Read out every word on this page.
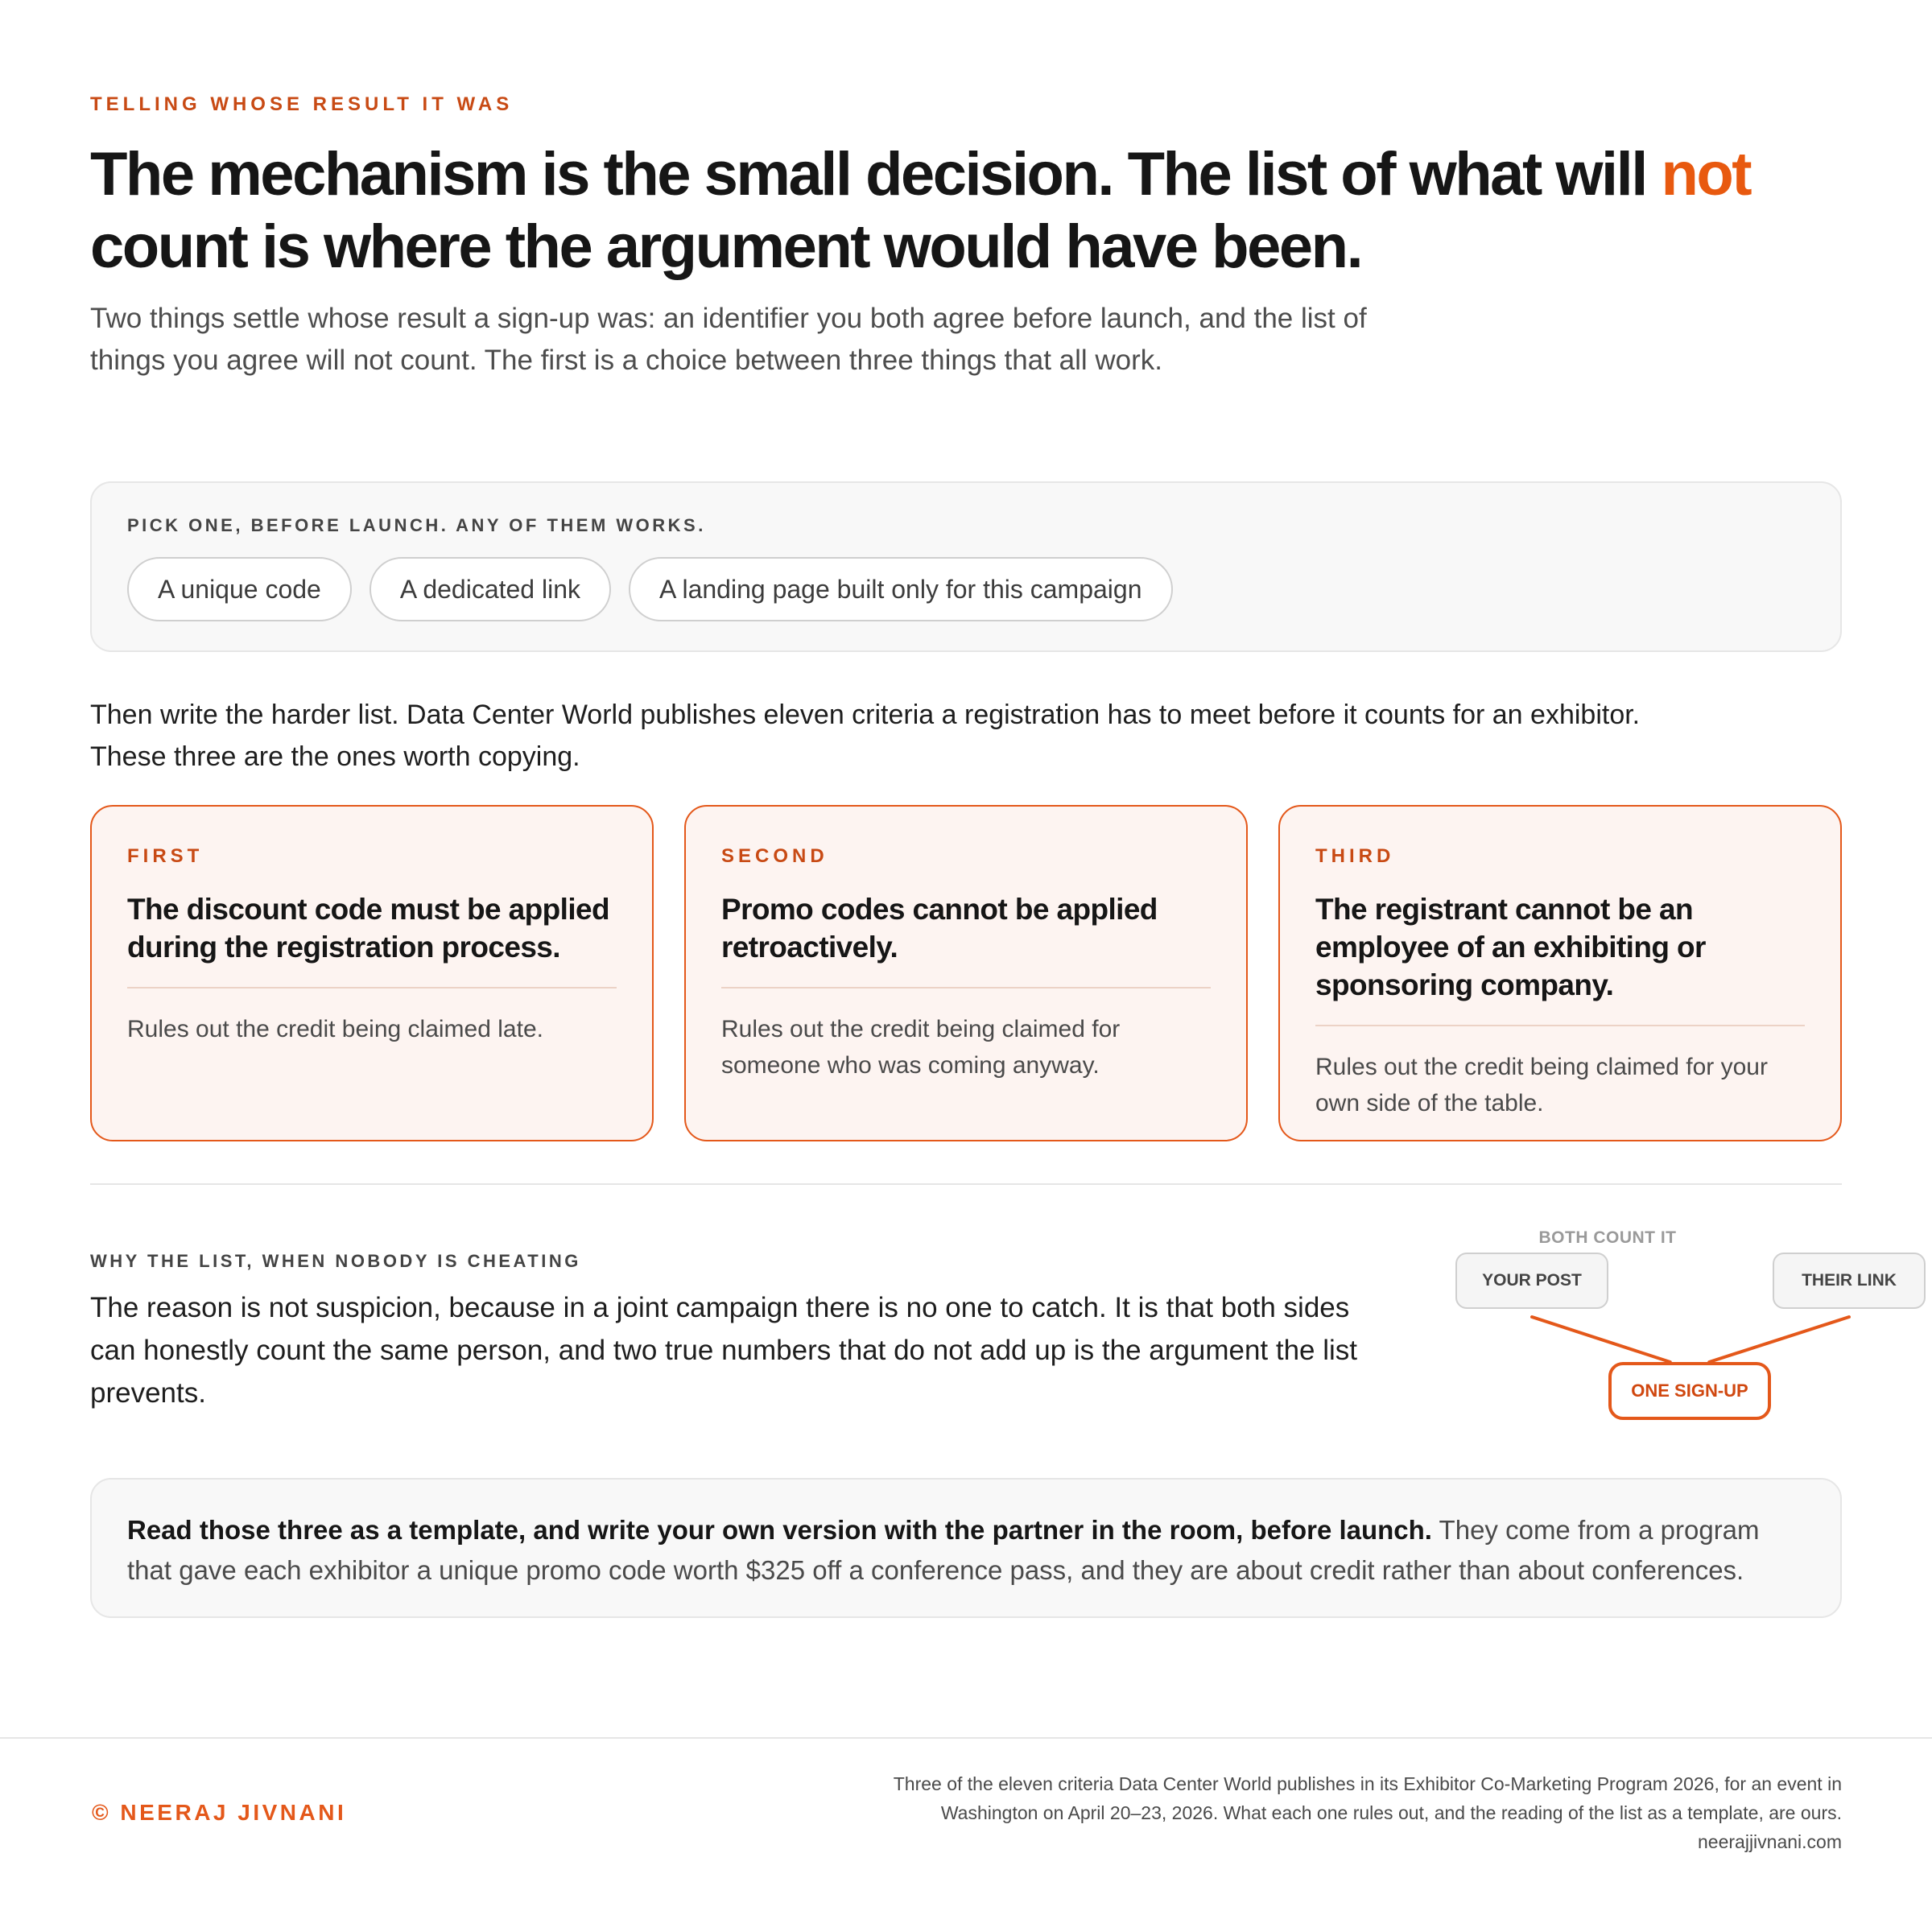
TELLING WHOSE RESULT IT WAS
The mechanism is the small decision. The list of what will not count is where the argument would have been.

Two things settle whose result a sign-up was: an identifier you both agree before launch, and the list of things you agree will not count. The first is a choice between three things that all work.

PICK ONE, BEFORE LAUNCH. ANY OF THEM WORKS.
A unique code	A dedicated link	A landing page built only for this campaign

Then write the harder list. Data Center World publishes eleven criteria a registration has to meet before it counts for an exhibitor. These three are the ones worth copying.

FIRST
The discount code must be applied during the registration process.
Rules out the credit being claimed late.
SECOND
Promo codes cannot be applied retroactively.
Rules out the credit being claimed for someone who was coming anyway.
THIRD
The registrant cannot be an employee of an exhibiting or sponsoring company.
Rules out the credit being claimed for your own side of the table.
WHY THE LIST, WHEN NOBODY IS CHEATING

The reason is not suspicion, because in a joint campaign there is no one to catch. It is that both sides can honestly count the same person, and two true numbers that do not add up is the argument the list prevents.

BOTH COUNT IT
YOUR POST	THEIR LINK
ONE SIGN-UP
Read those three as a template, and write your own version with the partner in the room, before launch. They come from a program that gave each exhibitor a unique promo code worth $325 off a conference pass, and they are about credit rather than about conferences.
© NEERAJ JIVNANI
Three of the eleven criteria Data Center World publishes in its Exhibitor Co-Marketing Program 2026, for an event in
Washington on April 20–23, 2026. What each one rules out, and the reading of the list as a template, are ours.
neerajjivnani.com
